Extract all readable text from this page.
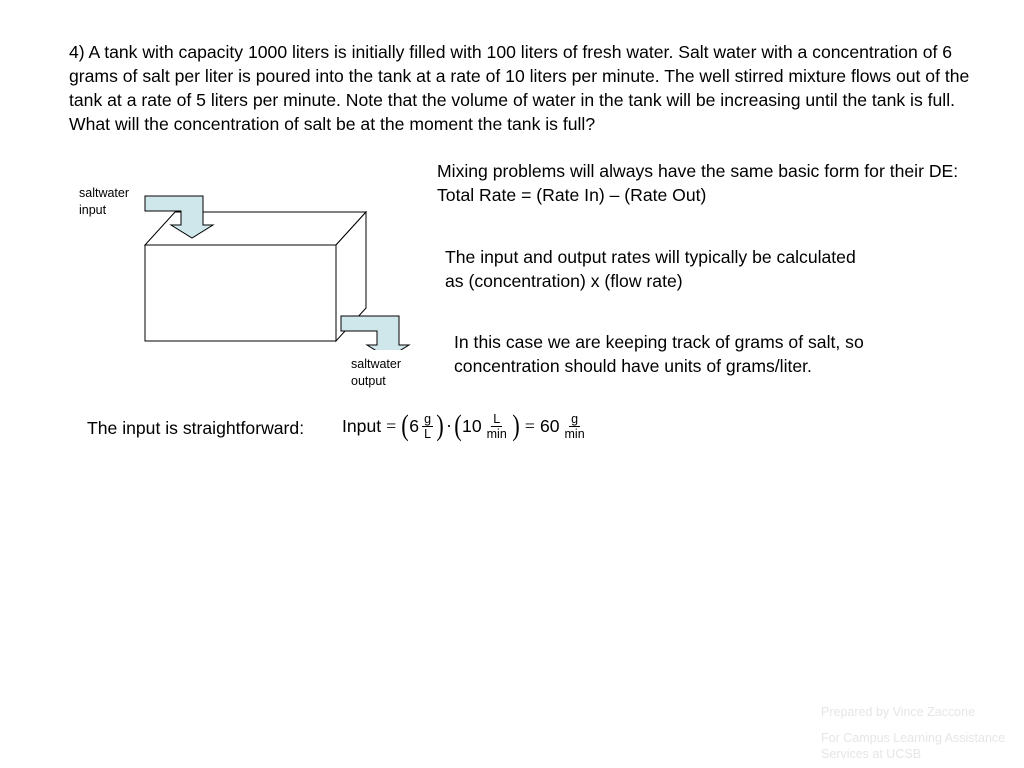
4) A tank with capacity 1000 liters is initially filled with 100 liters of fresh water. Salt water with a concentration of 6 grams of salt per liter is poured into the tank at a rate of 10 liters per minute. The well stirred mixture flows out of the tank at a rate of 5 liters per minute. Note that the volume of water in the tank will be increasing until the tank is full. What will the concentration of salt be at the moment the tank is full?
Mixing problems will always have the same basic form for their DE: Total Rate = (Rate In) – (Rate Out)
The input and output rates will typically be calculated as (concentration) x (flow rate)
In this case we are keeping track of grams of salt, so concentration should have units of grams/liter.
saltwater
input
saltwater
output
The input is straightforward: Input = ( $6 \frac{g}{L}$ ) · ( $10 \frac{L}{\min}$ ) = $60 \frac{g}{\min}$
Prepared by Vince Zaccone
For Campus Learning Assistance Services at UCSB
